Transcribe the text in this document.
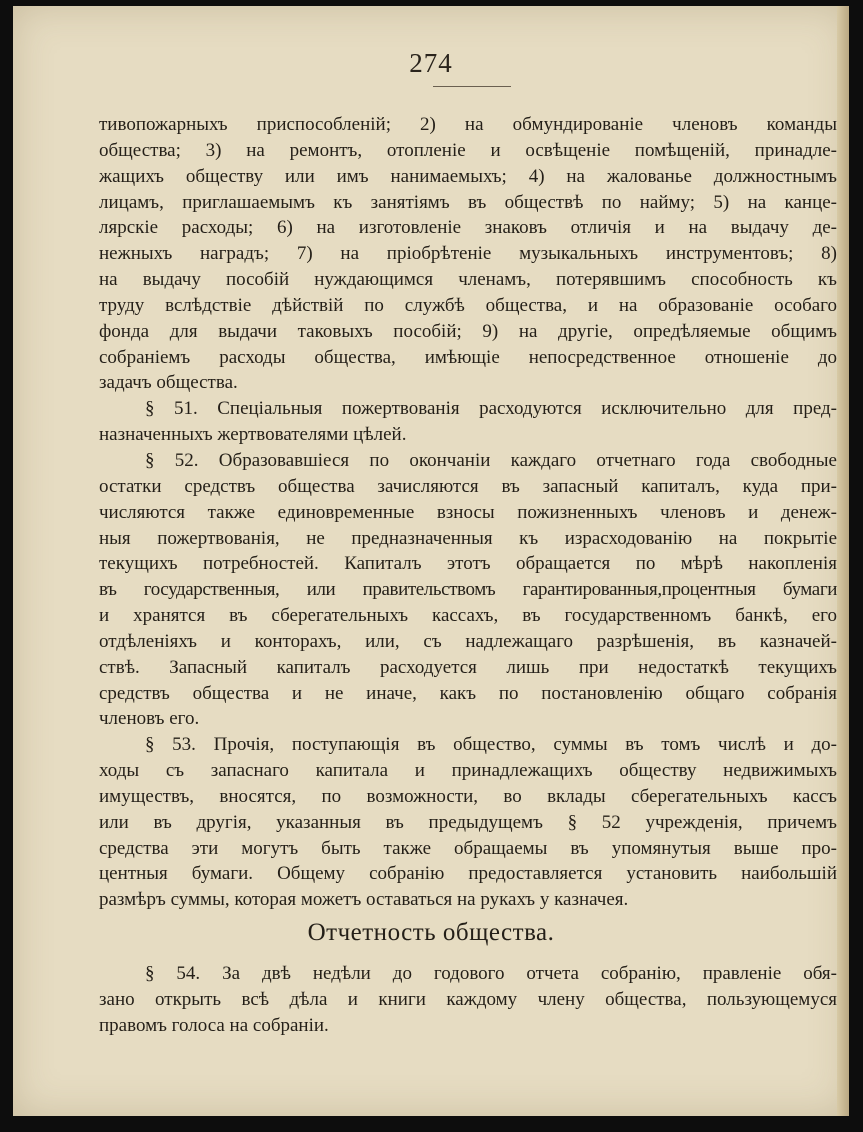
274
тивопожарныхъ приспособленій; 2) на обмундированіе членовъ команды
общества; 3) на ремонтъ, отопленіе и освѣщеніе помѣщеній, принадле-
жащихъ обществу или имъ нанимаемыхъ; 4) на жалованье должностнымъ
лицамъ, приглашаемымъ къ занятіямъ въ обществѣ по найму; 5) на канце-
лярскіе расходы; 6) на изготовленіе знаковъ отличія и на выдачу де-
нежныхъ наградъ; 7) на пріобрѣтеніе музыкальныхъ инструментовъ; 8)
на выдачу пособій нуждающимся членамъ, потерявшимъ способность къ
труду вслѣдствіе дѣйствій по службѣ общества, и на образованіе особаго
фонда для выдачи таковыхъ пособій; 9) на другіе, опредѣляемые общимъ
собраніемъ расходы общества, имѣющіе непосредственное отношеніе до
задачъ общества.
§ 51. Спеціальныя пожертвованія расходуются исключительно для пред-
назначенныхъ жертвователями цѣлей.
§ 52. Образовавшіеся по окончаніи каждаго отчетнаго года свободные
остатки средствъ общества зачисляются въ запасный капиталъ, куда при-
числяются также единовременные взносы пожизненныхъ членовъ и денеж-
ныя пожертвованія, не предназначенныя къ израсходованію на покрытіе
текущихъ потребностей. Капиталъ этотъ обращается по мѣрѣ накопленія
въ государственныя, или правительствомъ гарантированныя,процентныя бумаги
и хранятся въ сберегательныхъ кассахъ, въ государственномъ банкѣ, его
отдѣленіяхъ и конторахъ, или, съ надлежащаго разрѣшенія, въ казначей-
ствѣ. Запасный капиталъ расходуется лишь при недостаткѣ текущихъ
средствъ общества и не иначе, какъ по постановленію общаго собранія
членовъ его.
§ 53. Прочія, поступающія въ общество, суммы въ томъ числѣ и до-
ходы съ запаснаго капитала и принадлежащихъ обществу недвижимыхъ
имуществъ, вносятся, по возможности, во вклады сберегательныхъ кассъ
или въ другія, указанныя въ предыдущемъ § 52 учрежденія, причемъ
средства эти могутъ быть также обращаемы въ упомянутыя выше про-
центныя бумаги. Общему собранію предоставляется установить наибольшій
размѣръ суммы, которая можетъ оставаться на рукахъ у казначея.
Отчетность общества.
§ 54. За двѣ недѣли до годового отчета собранію, правленіе обя-
зано открыть всѣ дѣла и книги каждому члену общества, пользующемуся
правомъ голоса на собраніи.
